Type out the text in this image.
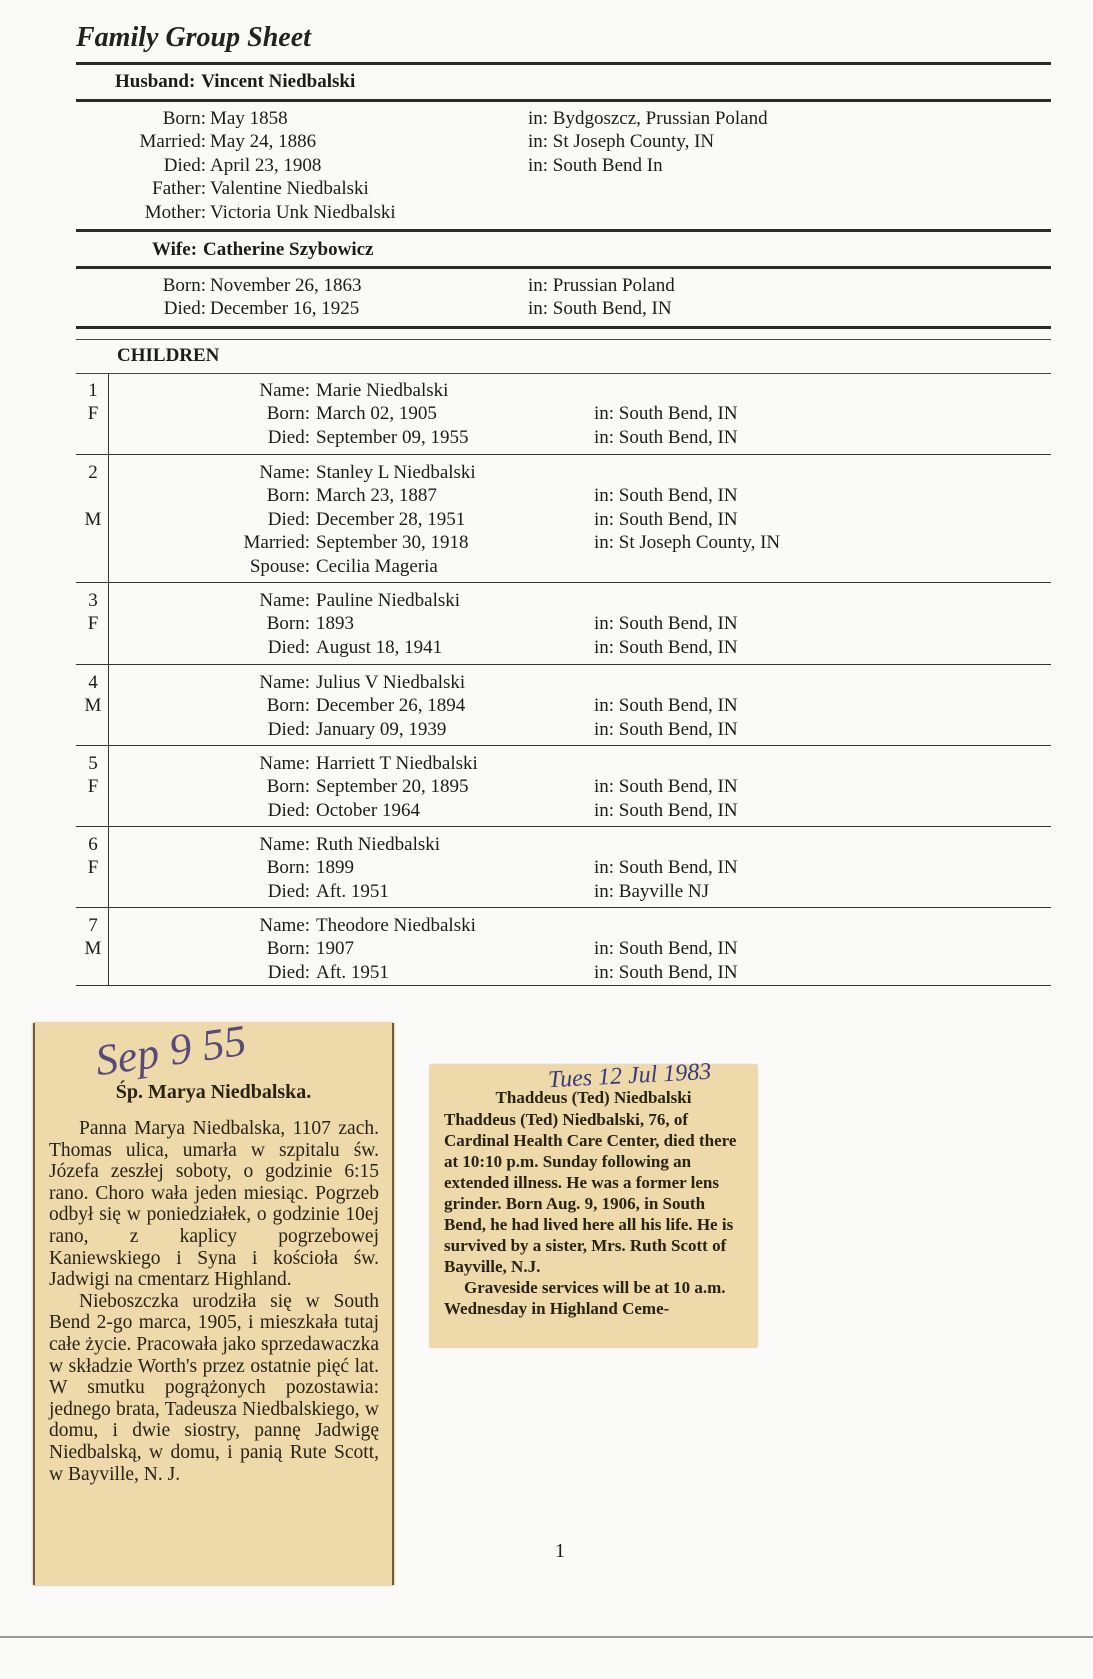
Family Group Sheet
Husband: Vincent Niedbalski
Born: May 1858	in: Bydgoszcz, Prussian Poland
Married: May 24, 1886	in: St Joseph County, IN
Died: April 23, 1908	in: South Bend In
Father: Valentine Niedbalski
Mother: Victoria Unk Niedbalski
Wife: Catherine Szybowicz
Born: November 26, 1863	in: Prussian Poland
Died: December 16, 1925	in: South Bend, IN
CHILDREN
1
F
Name: Marie Niedbalski
Born: March 02, 1905	in: South Bend, IN
Died: September 09, 1955	in: South Bend, IN
2
M
Name: Stanley L Niedbalski
Born: March 23, 1887	in: South Bend, IN
Died: December 28, 1951	in: South Bend, IN
Married: September 30, 1918	in: St Joseph County, IN
Spouse: Cecilia Mageria
3
F
Name: Pauline Niedbalski
Born: 1893	in: South Bend, IN
Died: August 18, 1941	in: South Bend, IN
4
M
Name: Julius V Niedbalski
Born: December 26, 1894	in: South Bend, IN
Died: January 09, 1939	in: South Bend, IN
5
F
Name: Harriett T Niedbalski
Born: September 20, 1895	in: South Bend, IN
Died: October 1964	in: South Bend, IN
6
F
Name: Ruth Niedbalski
Born: 1899	in: South Bend, IN
Died: Aft. 1951	in: Bayville NJ
7
M
Name: Theodore Niedbalski
Born: 1907	in: South Bend, IN
Died: Aft. 1951	in: South Bend, IN
Sep 9 55
Śp. Marya Niedbalska.

Panna Marya Niedbalska, 1107 zach. Thomas ulica, umarła w szpitalu św. Józefa zeszłej soboty, o godzinie 6:15 rano. Choro wała jeden miesiąc. Pogrzeb odbył się w poniedziałek, o godzinie 10ej rano, z kaplicy pogrzebowej Kaniewskiego i Syna i kościoła św. Jadwigi na cmentarz Highland.

Nieboszczka urodziła się w South Bend 2-go marca, 1905, i mieszkała tutaj całe życie. Pracowała jako sprzedawaczka w składzie Worth's przez ostatnie pięć lat. W smutku pogrążonych pozostawia: jednego brata, Tadeusza Niedbalskiego, w domu, i dwie siostry, pannę Jadwigę Niedbalską, w domu, i panią Rute Scott, w Bayville, N. J.

Tues 12 Jul 1983
Thaddeus (Ted) Niedbalski

Thaddeus (Ted) Niedbalski, 76, of Cardinal Health Care Center, died there at 10:10 p.m. Sunday following an extended illness. He was a former lens grinder. Born Aug. 9, 1906, in South Bend, he had lived here all his life. He is survived by a sister, Mrs. Ruth Scott of Bayville, N.J.

Graveside services will be at 10 a.m. Wednesday in Highland Ceme-

1
